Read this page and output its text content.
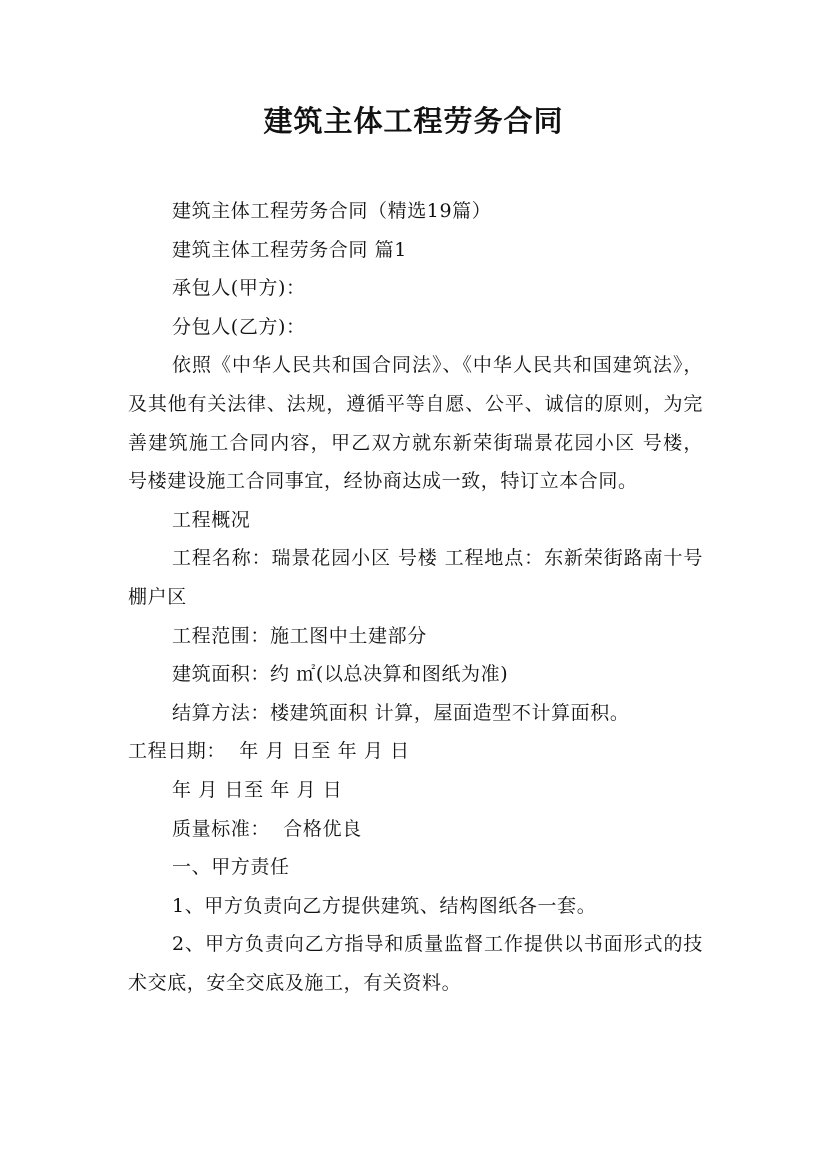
建筑主体工程劳务合同

建筑主体工程劳务合同（精选19篇）

建筑主体工程劳务合同 篇1

承包人(甲方)：

分包人(乙方)：

依照《中华人民共和国合同法》、《中华人民共和国建筑法》，及其他有关法律、法规，遵循平等自愿、公平、诚信的原则，为完善建筑施工合同内容，甲乙双方就东新荣街瑞景花园小区 号楼， 号楼建设施工合同事宜，经协商达成一致，特订立本合同。

工程概况

工程名称：瑞景花园小区 号楼 工程地点：东新荣街路南十号棚户区

工程范围：施工图中土建部分

建筑面积：约 ㎡(以总决算和图纸为准)

结算方法：楼建筑面积 计算，屋面造型不计算面积。

工程日期：  年 月 日至 年 月 日

年 月 日至 年 月 日

质量标准：  合格优良

一、甲方责任

1、甲方负责向乙方提供建筑、结构图纸各一套。

2、甲方负责向乙方指导和质量监督工作提供以书面形式的技术交底，安全交底及施工，有关资料。
